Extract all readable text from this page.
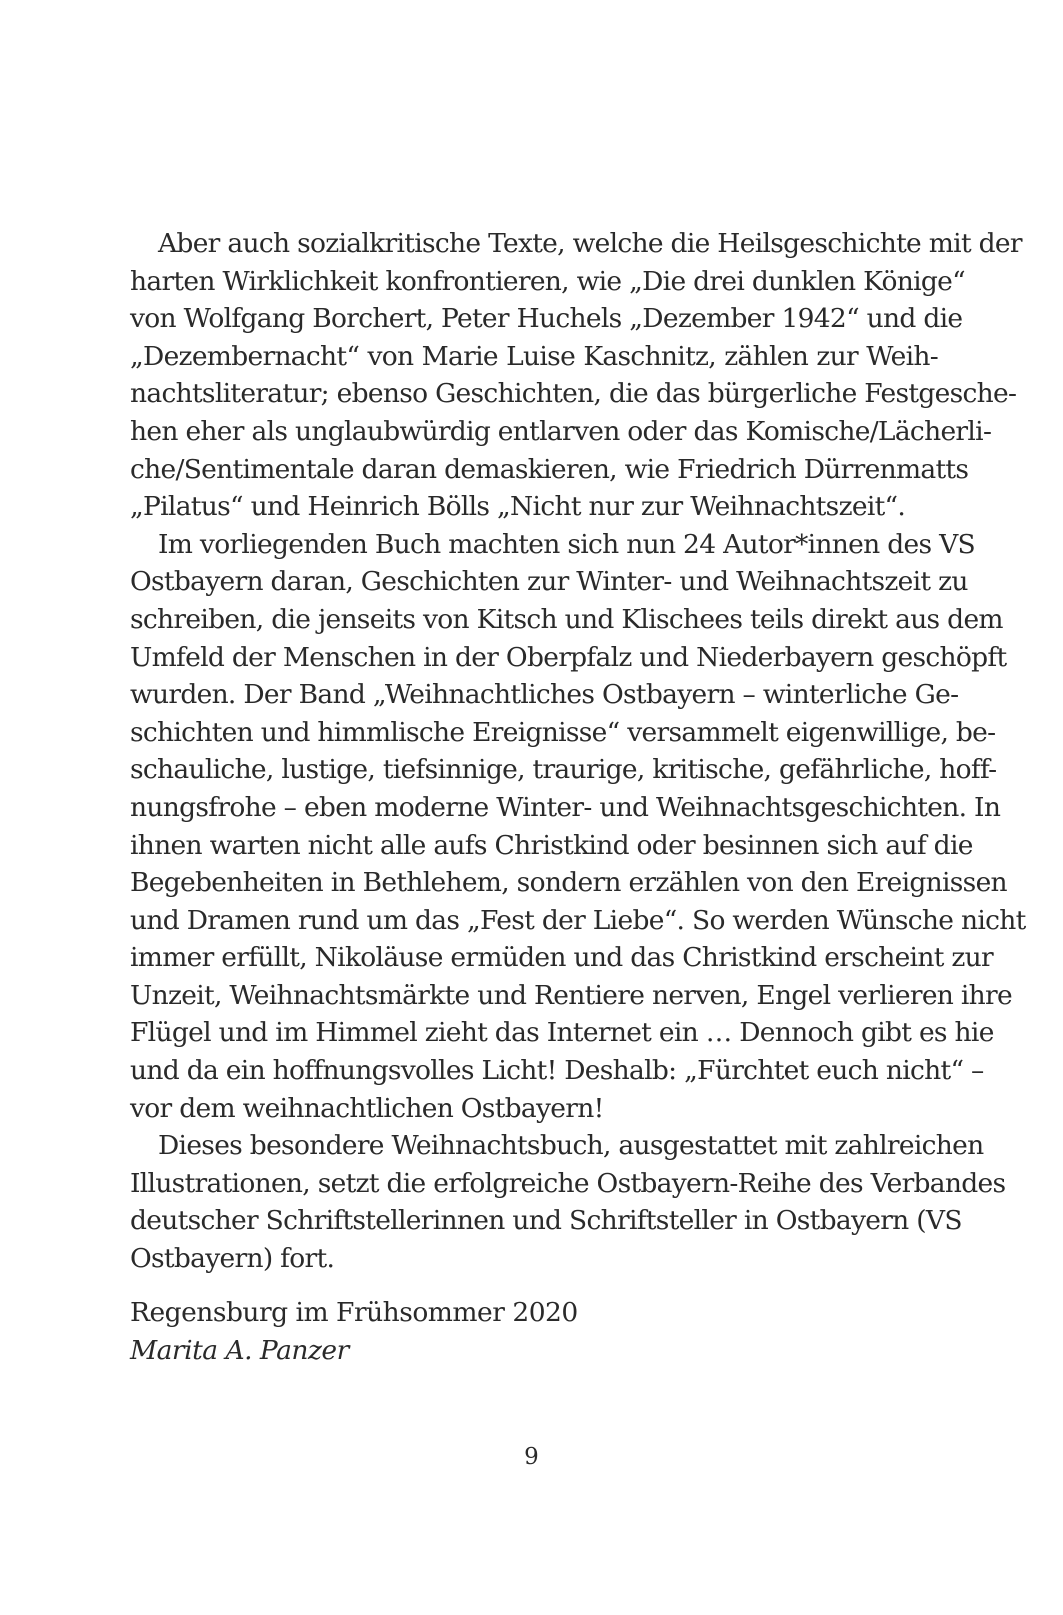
Aber auch sozialkritische Texte, welche die Heilsgeschichte mit der
harten Wirklichkeit konfrontieren, wie „Die drei dunklen Könige“
von Wolfgang Borchert, Peter Huchels „Dezember 1942“ und die
„Dezembernacht“ von Marie Luise Kaschnitz, zählen zur Weih-
nachtsliteratur; ebenso Geschichten, die das bürgerliche Festgesche-
hen eher als unglaubwürdig entlarven oder das Komische/Lächerli-
che/Sentimentale daran demaskieren, wie Friedrich Dürrenmatts
„Pilatus“ und Heinrich Bölls „Nicht nur zur Weihnachtszeit“.
Im vorliegenden Buch machten sich nun 24 Autor*innen des VS
Ostbayern daran, Geschichten zur Winter- und Weihnachtszeit zu
schreiben, die jenseits von Kitsch und Klischees teils direkt aus dem
Umfeld der Menschen in der Oberpfalz und Niederbayern geschöpft
wurden. Der Band „Weihnachtliches Ostbayern – winterliche Ge-
schichten und himmlische Ereignisse“ versammelt eigenwillige, be-
schauliche, lustige, tiefsinnige, traurige, kritische, gefährliche, hoff-
nungsfrohe – eben moderne Winter- und Weihnachtsgeschichten. In
ihnen warten nicht alle aufs Christkind oder besinnen sich auf die
Begebenheiten in Bethlehem, sondern erzählen von den Ereignissen
und Dramen rund um das „Fest der Liebe“. So werden Wünsche nicht
immer erfüllt, Nikoläuse ermüden und das Christkind erscheint zur
Unzeit, Weihnachtsmärkte und Rentiere nerven, Engel verlieren ihre
Flügel und im Himmel zieht das Internet ein … Dennoch gibt es hie
und da ein hoffnungsvolles Licht! Deshalb: „Fürchtet euch nicht“ –
vor dem weihnachtlichen Ostbayern!
Dieses besondere Weihnachtsbuch, ausgestattet mit zahlreichen
Illustrationen, setzt die erfolgreiche Ostbayern-Reihe des Verbandes
deutscher Schriftstellerinnen und Schriftsteller in Ostbayern (VS
Ostbayern) fort.
Regensburg im Frühsommer 2020
Marita A. Panzer
9
